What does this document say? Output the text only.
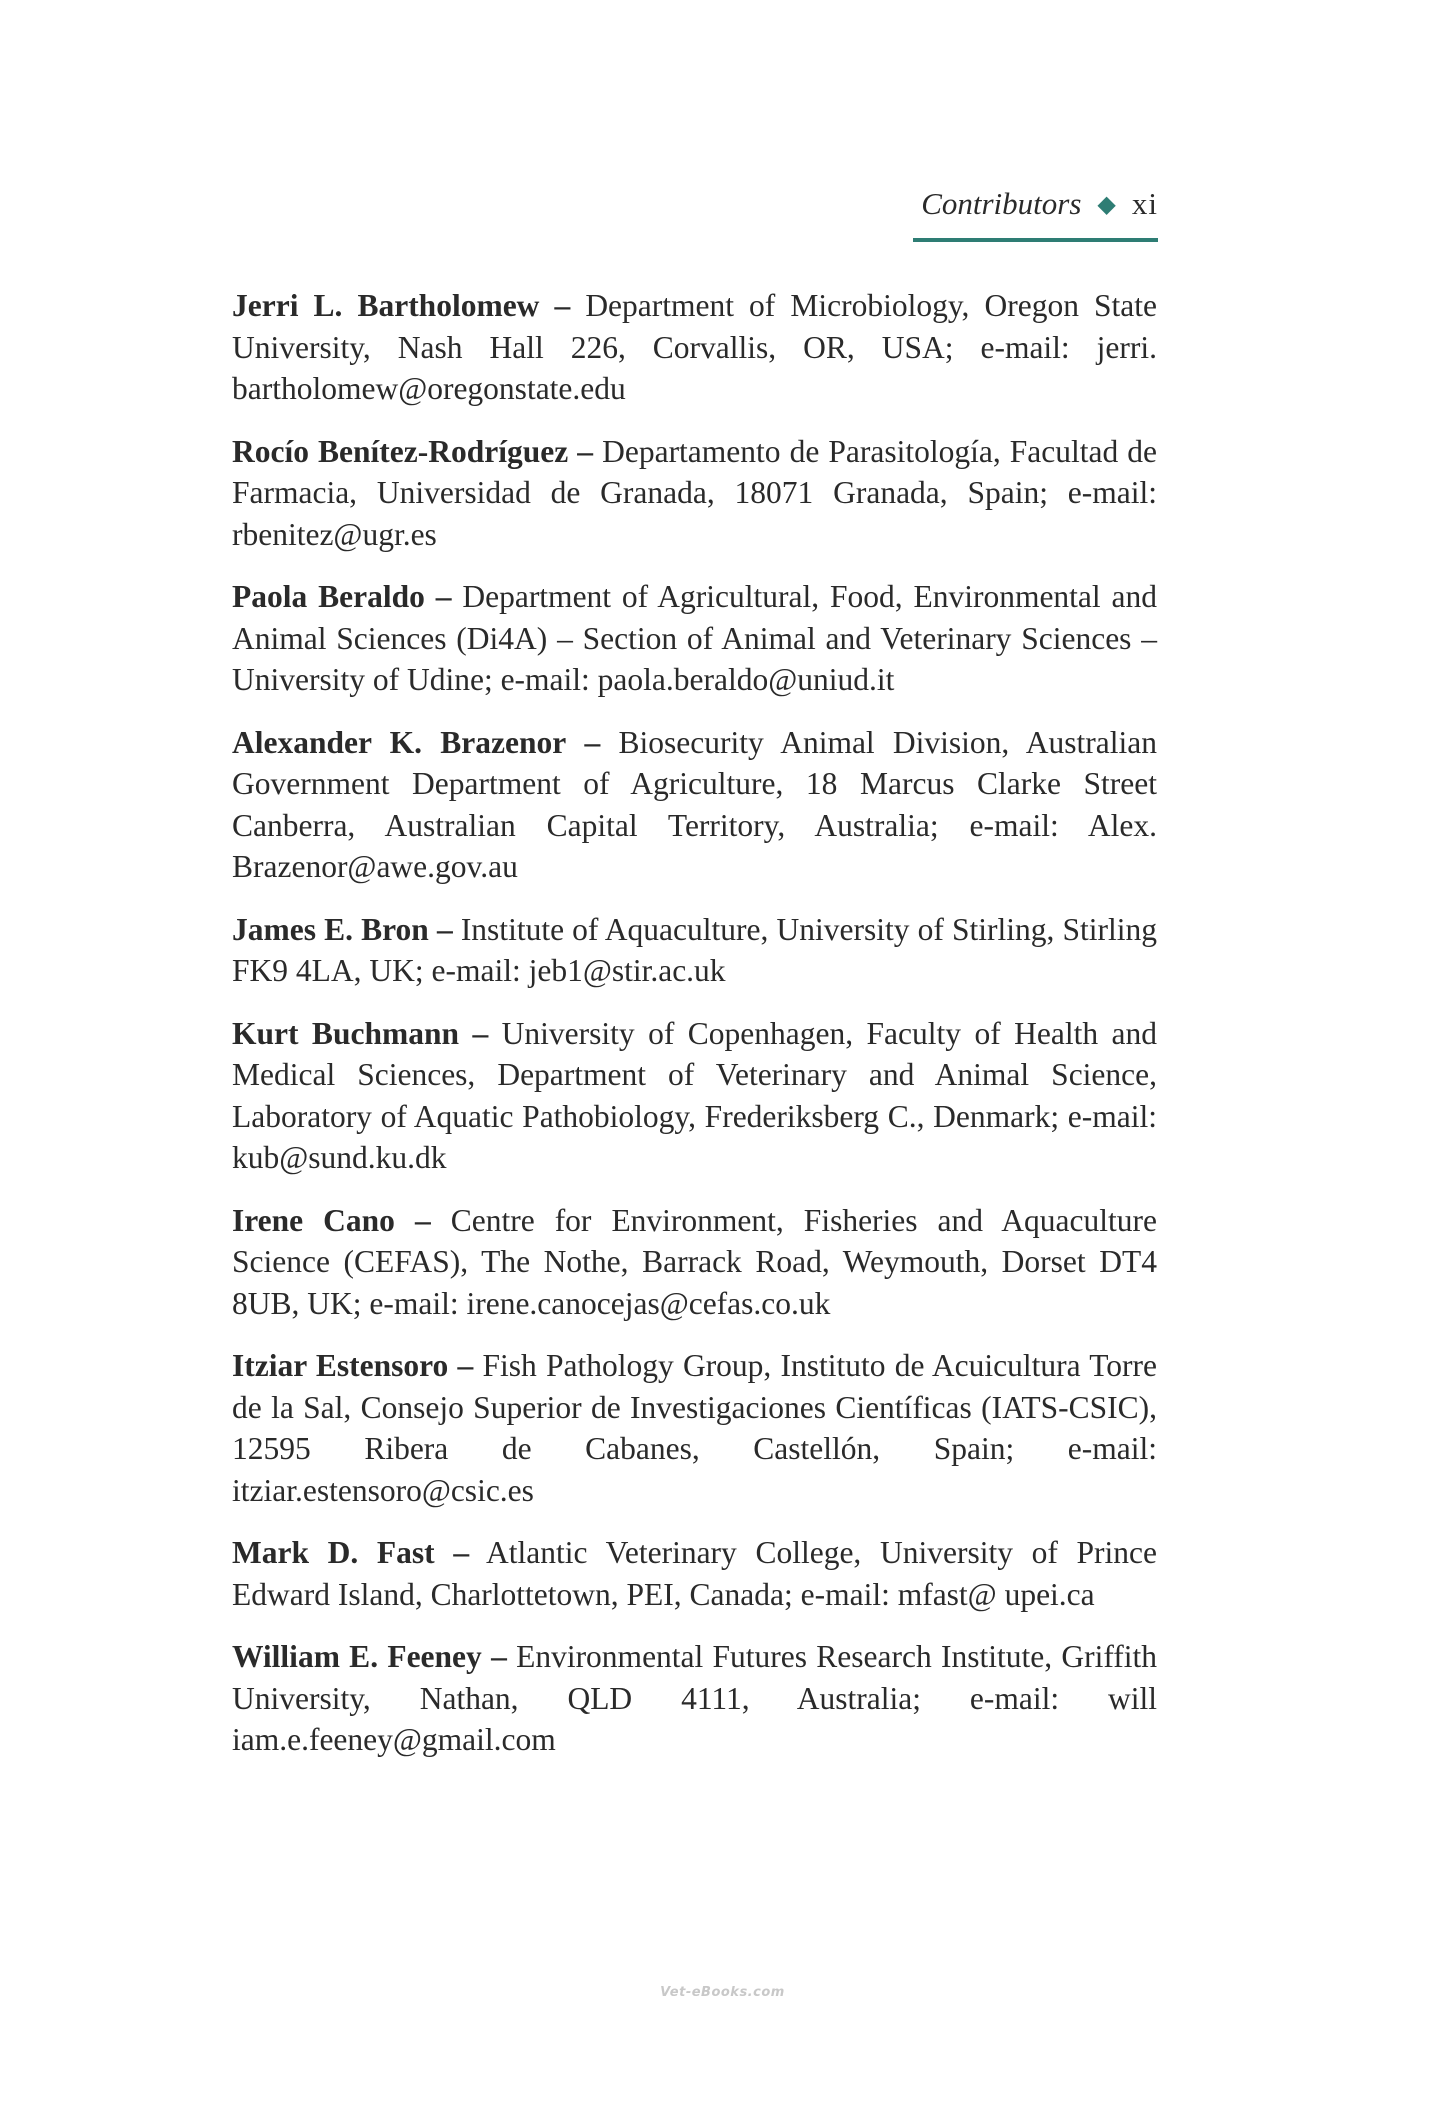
Contributors ◆ xi

Jerri L. Bartholomew – Department of Microbiology, Oregon State University, Nash Hall 226, Corvallis, OR, USA; e-mail: jerri. bartholomew@oregonstate.edu

Rocío Benítez-Rodríguez – Departamento de Parasitología, Facultad de Farmacia, Universidad de Granada, 18071 Granada, Spain; e-mail: rbenitez@ugr.es

Paola Beraldo – Department of Agricultural, Food, Environmental and Animal Sciences (Di4A) – Section of Animal and Veterinary Sciences – University of Udine; e-mail: paola.beraldo@uniud.it

Alexander K. Brazenor – Biosecurity Animal Division, Australian Government Department of Agriculture, 18 Marcus Clarke Street Canberra, Australian Capital Territory, Australia; e-mail: Alex. Brazenor@awe.gov.au

James E. Bron – Institute of Aquaculture, University of Stirling, Stirling FK9 4LA, UK; e-mail: jeb1@stir.ac.uk

Kurt Buchmann – University of Copenhagen, Faculty of Health and Medical Sciences, Department of Veterinary and Animal Science, Laboratory of Aquatic Pathobiology, Frederiksberg C., Denmark; e-mail: kub@sund.ku.dk

Irene Cano – Centre for Environment, Fisheries and Aquaculture Science (CEFAS), The Nothe, Barrack Road, Weymouth, Dorset DT4 8UB, UK; e-mail: irene.canocejas@cefas.co.uk

Itziar Estensoro – Fish Pathology Group, Instituto de Acuicultura Torre de la Sal, Consejo Superior de Investigaciones Científicas (IATS-CSIC), 12595 Ribera de Cabanes, Castellón, Spain; e-mail: itziar.estensoro@csic.es

Mark D. Fast – Atlantic Veterinary College, University of Prince Edward Island, Charlottetown, PEI, Canada; e-mail: mfast@ upei.ca

William E. Feeney – Environmental Futures Research Institute, Griffith University, Nathan, QLD 4111, Australia; e-mail: will iam.e.feeney@gmail.com

Vet-eBooks.com
